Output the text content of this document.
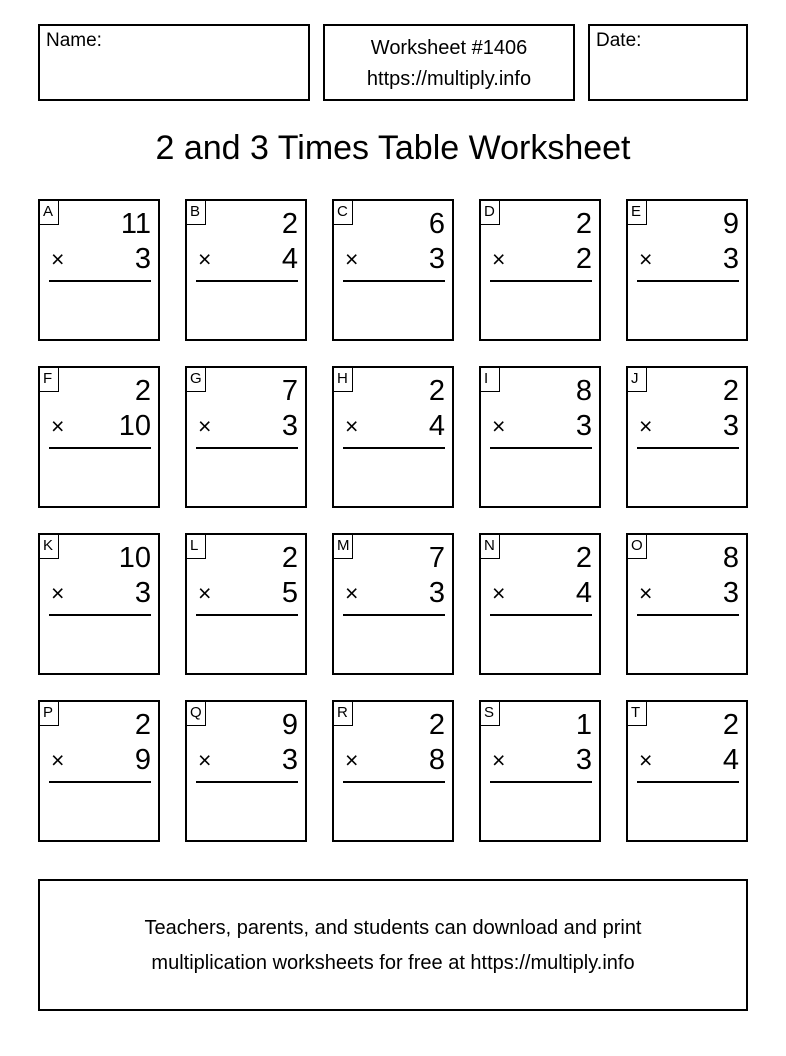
Name:	Worksheet #1406
https://multiply.info
Date:
2 and 3 Times Table Worksheet
A 11
× 3
B	2
× 4
C	6
× 3
D	2
× 2
E	9
× 3
F	2
× 10
G	7
× 3
H	2
× 4
I	8
× 3
J	2
× 3
K 10
× 3
L	2
× 5
M	7
× 3
N	2
× 4
O	8
× 3
P	2
× 9
Q	9
× 3
R	2
× 8
S	1
× 3
T	2
× 4
Teachers, parents, and students can download and print
multiplication worksheets for free at https://multiply.info
